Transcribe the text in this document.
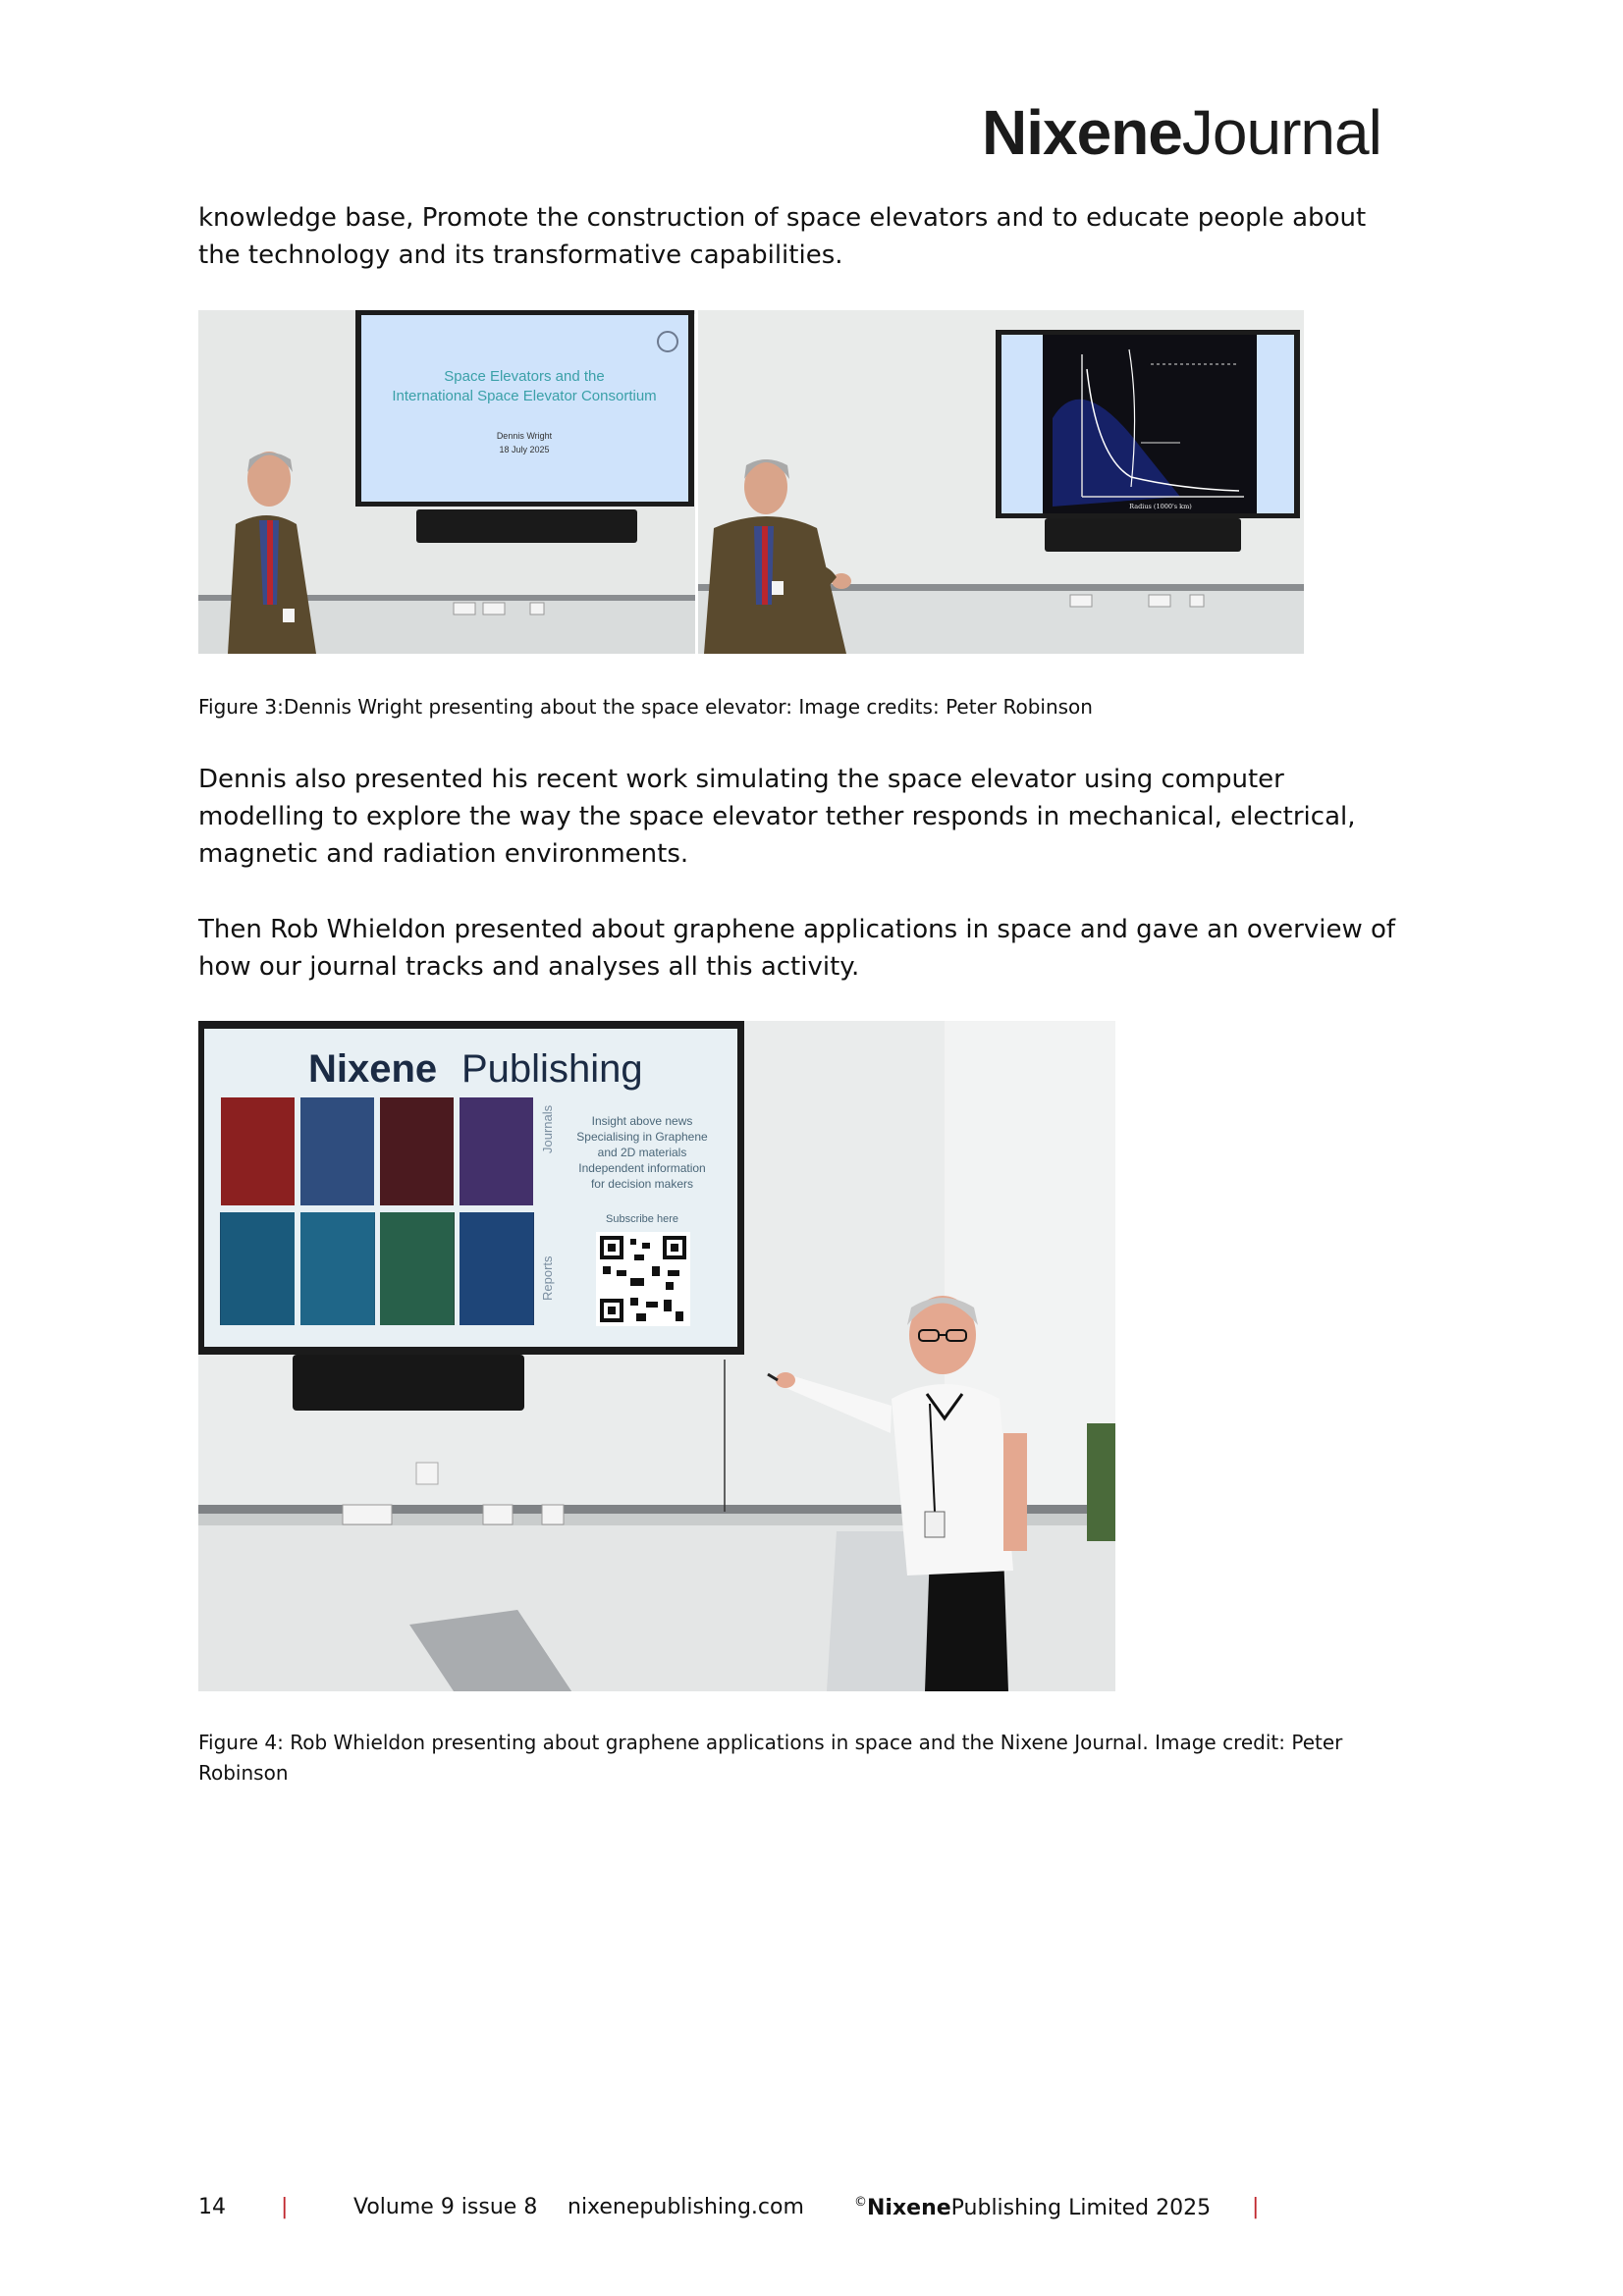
NixeneJournal

knowledge base, Promote the construction of space elevators and to educate people about the technology and its transformative capabilities.

Space Elevators and the
International Space Elevator Consortium
Dennis Wright
18 July 2025
Radius (1000's km)

Figure 3:Dennis Wright presenting about the space elevator: Image credits: Peter Robinson

Dennis also presented his recent work simulating the space elevator using computer modelling to explore the way the space elevator tether responds in mechanical, electrical, magnetic and radiation environments.

Then Rob Whieldon presented about graphene applications in space and gave an overview of how our journal tracks and analyses all this activity.

Nixene Publishing
Journals
Reports
Insight above news
Specialising in Graphene
and 2D materials
Independent information
for decision makers
Subscribe here

Figure 4: Rob Whieldon presenting about graphene applications in space and the Nixene Journal. Image credit: Peter Robinson

14	|	Volume 9 issue 8 nixenepublishing.com	©NixenePublishing Limited 2025 |
